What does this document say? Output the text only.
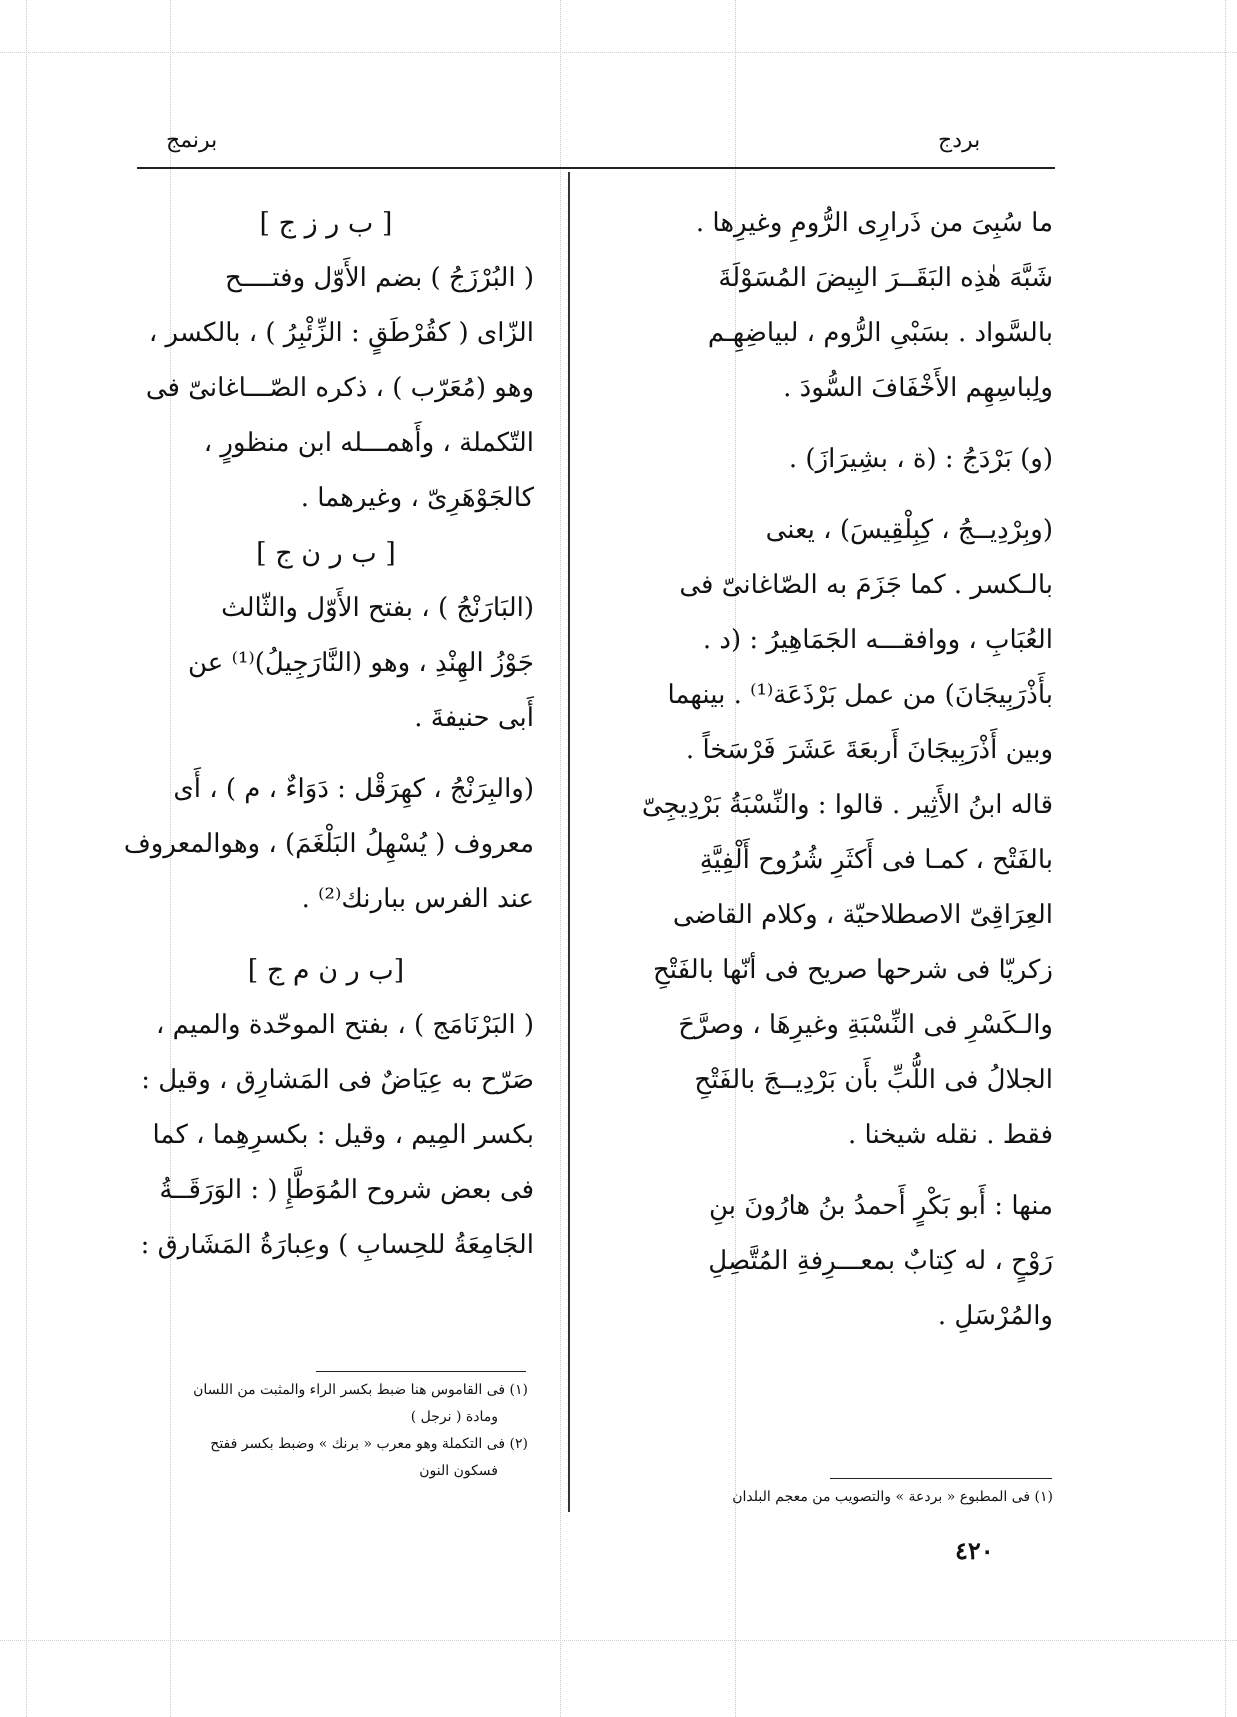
بردج
برنمج

ما سُبِىَ من ذَرارِى الرُّومِ وغيرِها .

شَبَّهَ هٰذِه البَقَــرَ البِيضَ المُسَوْلَةَ

بالسَّواد . بسَبْىِ الرُّوم ، لبياضِهِـم

ولِباسِهِم الأَخْفَافَ السُّودَ .

(و) بَرْدَجُ : (ة ، بشِيرَازَ) .

(وبِرْدِيــجُ ، كِبِلْقِيسَ) ، يعنى

بالـكسر . كما جَزَمَ به الصّاغانىّ فى

العُبَابِ ، ووافقـــه الجَمَاهِيرُ : (د .

بأَذْرَبِيجَانَ) من عمل بَرْذَعَة⁽¹⁾ . بينهما

وبين أَذْرَبِيجَانَ أَربعَةَ عَشَرَ فَرْسَخاً .

قاله ابنُ الأَثِير . قالوا : والنِّسْبَةُ بَرْدِيجِىّ

بالفَتْح ، كمـا فى أَكثَرِ شُرُوح أَلْفِيَّةِ

العِرَاقِىّ الاصطلاحيّة ، وكلام القاضى

زكريّا فى شرحها صريح فى أنّها بالفَتْحِ

والـكَسْرِ فى النِّسْبَةِ وغيرِهَا ، وصرَّحَ

الجلالُ فى اللُّبِّ بأَن بَرْدِيــجَ بالفَتْحِ

فقط . نقله شيخنا .

منها : أَبو بَكْرٍ أَحمدُ بنُ هارُونَ بنِ

رَوْحٍ ، له كِتابٌ بمعـــرِفةِ المُتَّصِلِ

والمُرْسَلِ .

(١) فى المطبوع « بردعة » والتصويب من معجم البلدان

[ ب ر ز ج ]

( البُرْزَجُ ) بضم الأَوّل وفتــــح

الزّاى ( كقُرْطَقٍ : الزِّئْبِرُ ) ، بالكسر ،

وهو (مُعَرّب ) ، ذكره الصّـــاغانىّ فى

التّكملة ، وأَهمـــله ابن منظورٍ ،

كالجَوْهَرِىّ ، وغيرهما .

[ ب ر ن ج ]

(البَارَنْجُ ) ، بفتح الأَوّل والثّالث

جَوْزُ الهِنْدِ ، وهو (النَّارَجِيلُ)⁽¹⁾ عن

أَبى حنيفةَ .

(والبِرَنْجُ ، كهِرَقْل : دَوَاءٌ ، م ) ، أَى

معروف ( يُسْهِلُ البَلْغَمَ) ، وهوالمعروف

عند الفرس ببارنك⁽²⁾ .

[ب ر ن م ج ]

( البَرْنَامَج ) ، بفتح الموحّدة والميم ،

صَرّح به عِيَاضٌ فى المَشارِق ، وقيل :

بكسر المِيم ، وقيل : بكسرِهِما ، كما

فى بعض شروح المُوَطَّإِ ( : الوَرَقَــةُ

الجَامِعَةُ للحِسابِ ) وعِبارَةُ المَشَارق :

(١) فى القاموس هنا ضبط بكسر الراء والمثبت من اللسان
ومادة ( نرجل )
(٢) فى التكملة وهو معرب « برنك » وضبط بكسر ففتح
فسكون النون
٤٢٠
